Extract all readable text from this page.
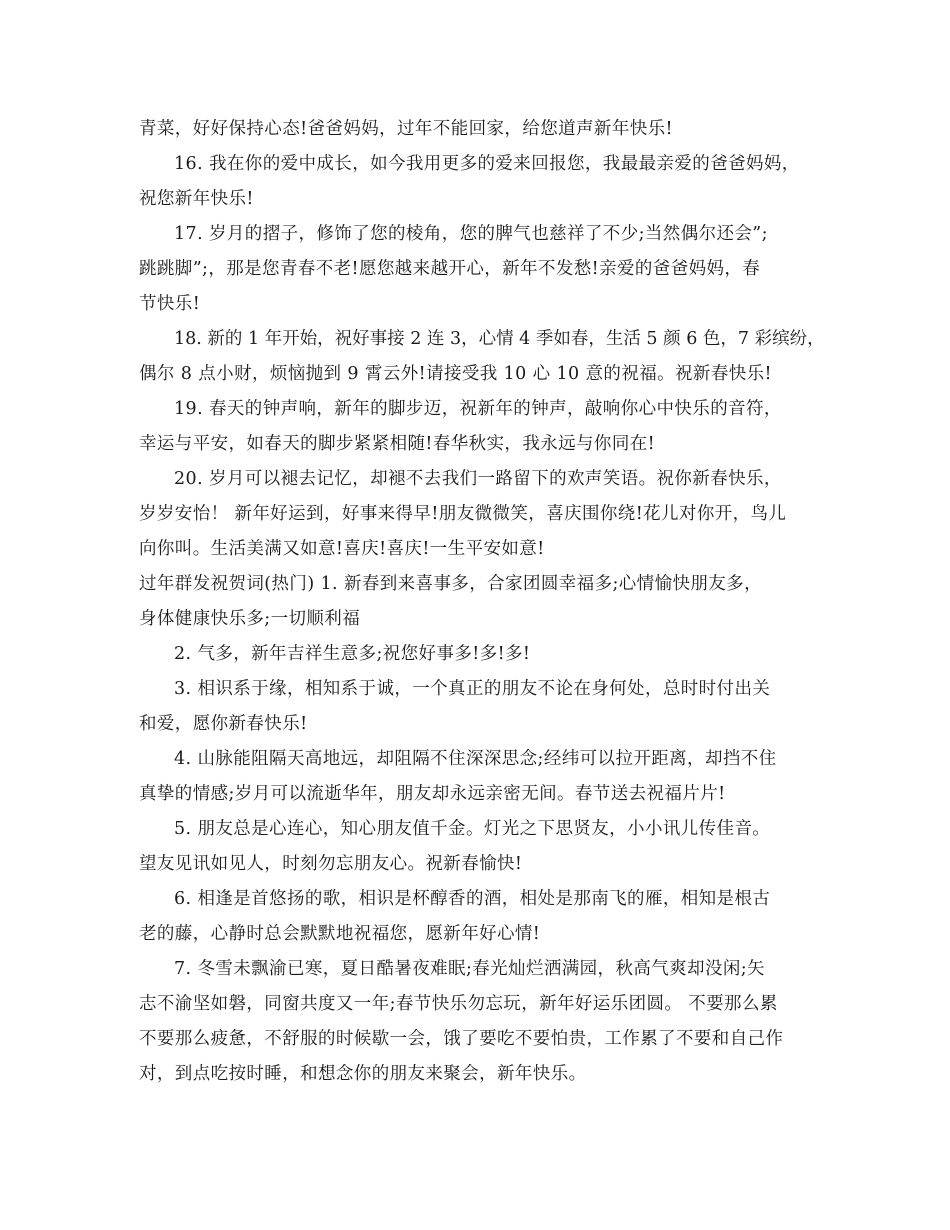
青菜，好好保持心态!爸爸妈妈，过年不能回家，给您道声新年快乐!
16. 我在你的爱中成长，如今我用更多的爱来回报您，我最最亲爱的爸爸妈妈，
祝您新年快乐!
17. 岁月的摺子，修饰了您的棱角，您的脾气也慈祥了不少;当然偶尔还会”;
跳跳脚”;，那是您青春不老!愿您越来越开心，新年不发愁!亲爱的爸爸妈妈，春
节快乐!
18. 新的 1 年开始，祝好事接 2 连 3，心情 4 季如春，生活 5 颜 6 色，7 彩缤纷，
偶尔 8 点小财，烦恼抛到 9 霄云外!请接受我 10 心 10 意的祝福。祝新春快乐!
19. 春天的钟声响，新年的脚步迈，祝新年的钟声，敲响你心中快乐的音符，
幸运与平安，如春天的脚步紧紧相随!春华秋实，我永远与你同在!
20. 岁月可以褪去记忆，却褪不去我们一路留下的欢声笑语。祝你新春快乐，
岁岁安怡！ 新年好运到，好事来得早!朋友微微笑，喜庆围你绕!花儿对你开，鸟儿
向你叫。生活美满又如意!喜庆!喜庆!一生平安如意!
过年群发祝贺词(热门) 1. 新春到来喜事多，合家团圆幸福多;心情愉快朋友多，
身体健康快乐多;一切顺利福
2. 气多，新年吉祥生意多;祝您好事多!多!多!
3. 相识系于缘，相知系于诚，一个真正的朋友不论在身何处，总时时付出关
和爱，愿你新春快乐!
4. 山脉能阻隔天高地远，却阻隔不住深深思念;经纬可以拉开距离，却挡不住
真挚的情感;岁月可以流逝华年，朋友却永远亲密无间。春节送去祝福片片!
5. 朋友总是心连心，知心朋友值千金。灯光之下思贤友，小小讯儿传佳音。
望友见讯如见人，时刻勿忘朋友心。祝新春愉快!
6. 相逢是首悠扬的歌，相识是杯醇香的酒，相处是那南飞的雁，相知是根古
老的藤，心静时总会默默地祝福您，愿新年好心情!
7. 冬雪未飘渝已寒，夏日酷暑夜难眠;春光灿烂洒满园，秋高气爽却没闲;矢
志不渝坚如磐，同窗共度又一年;春节快乐勿忘玩，新年好运乐团圆。 不要那么累
不要那么疲惫，不舒服的时候歇一会，饿了要吃不要怕贵，工作累了不要和自己作
对，到点吃按时睡，和想念你的朋友来聚会，新年快乐。
